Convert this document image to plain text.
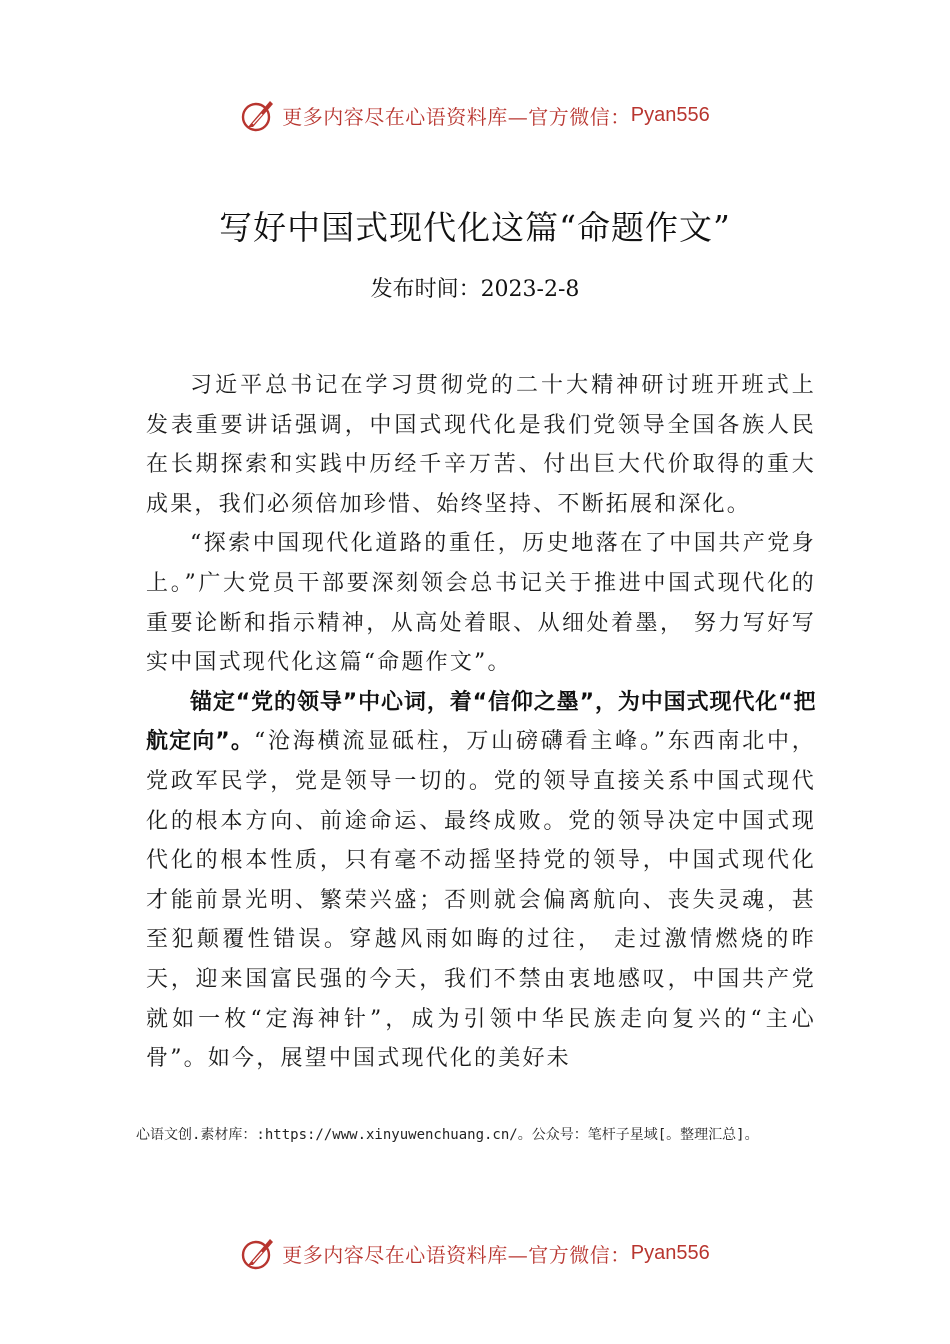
更多内容尽在心语资料库—官方微信： Pyan556
写好中国式现代化这篇“命题作文”
发布时间：2023-2-8

习近平总书记在学习贯彻党的二十大精神研讨班开班式上发表重要讲话强调，中国式现代化是我们党领导全国各族人民在长期探索和实践中历经千辛万苦、付出巨大代价取得的重大成果，我们必须倍加珍惜、始终坚持、不断拓展和深化。

“探索中国现代化道路的重任，历史地落在了中国共产党身上。”广大党员干部要深刻领会总书记关于推进中国式现代化的重要论断和指示精神，从高处着眼、从细处着墨， 努力写好写实中国式现代化这篇“命题作文”。

锚定“党的领导”中心词，着“信仰之墨”，为中国式现代化“把航定向”。“沧海横流显砥柱，万山磅礴看主峰。”东西南北中，党政军民学，党是领导一切的。党的领导直接关系中国式现代化的根本方向、前途命运、最终成败。党的领导决定中国式现代化的根本性质，只有毫不动摇坚持党的领导，中国式现代化才能前景光明、繁荣兴盛；否则就会偏离航向、丧失灵魂，甚至犯颠覆性错误。穿越风雨如晦的过往， 走过激情燃烧的昨天，迎来国富民强的今天，我们不禁由衷地感叹，中国共产党就如一枚“定海神针”，成为引领中华民族走向复兴的“主心骨”。如今，展望中国式现代化的美好未

心语文创.素材库：:https://www.xinyuwenchuang.cn/。公众号：笔杆子星域[。整理汇总]。
更多内容尽在心语资料库—官方微信： Pyan556
